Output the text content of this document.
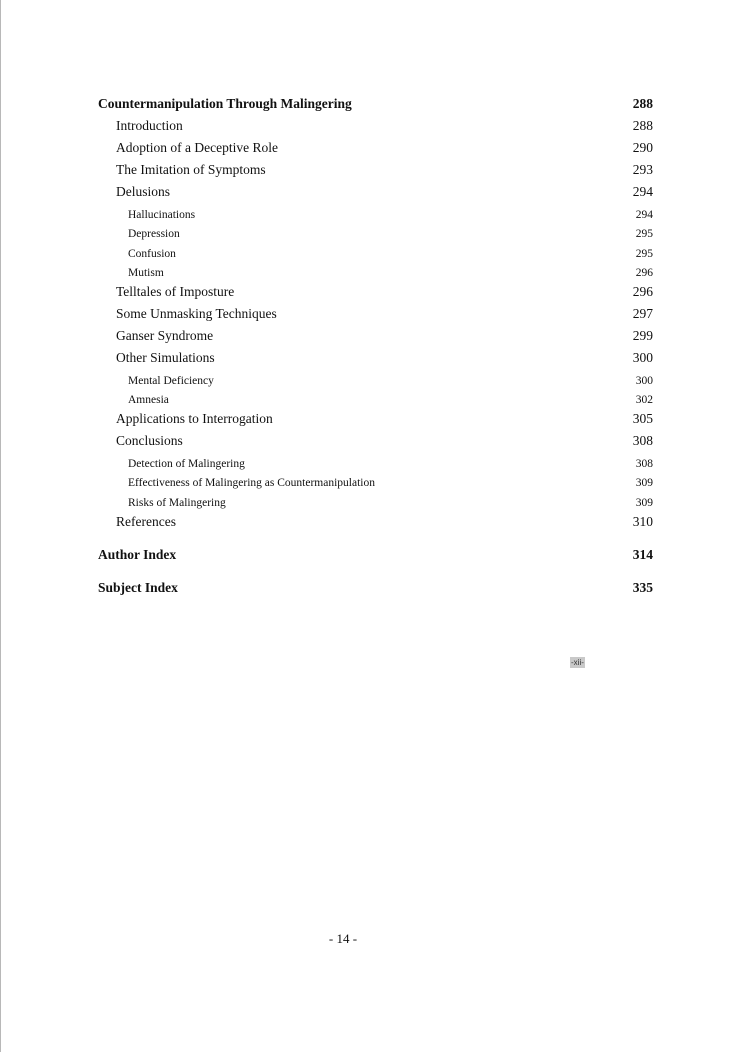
Countermanipulation Through Malingering	288
Introduction	288
Adoption of a Deceptive Role	290
The Imitation of Symptoms	293
Delusions	294
Hallucinations	294
Depression	295
Confusion	295
Mutism	296
Telltales of Imposture	296
Some Unmasking Techniques	297
Ganser Syndrome	299
Other Simulations	300
Mental Deficiency	300
Amnesia	302
Applications to Interrogation	305
Conclusions	308
Detection of Malingering	308
Effectiveness of Malingering as Countermanipulation	309
Risks of Malingering	309
References	310
Author Index	314
Subject Index	335
-xii-
- 14 -
